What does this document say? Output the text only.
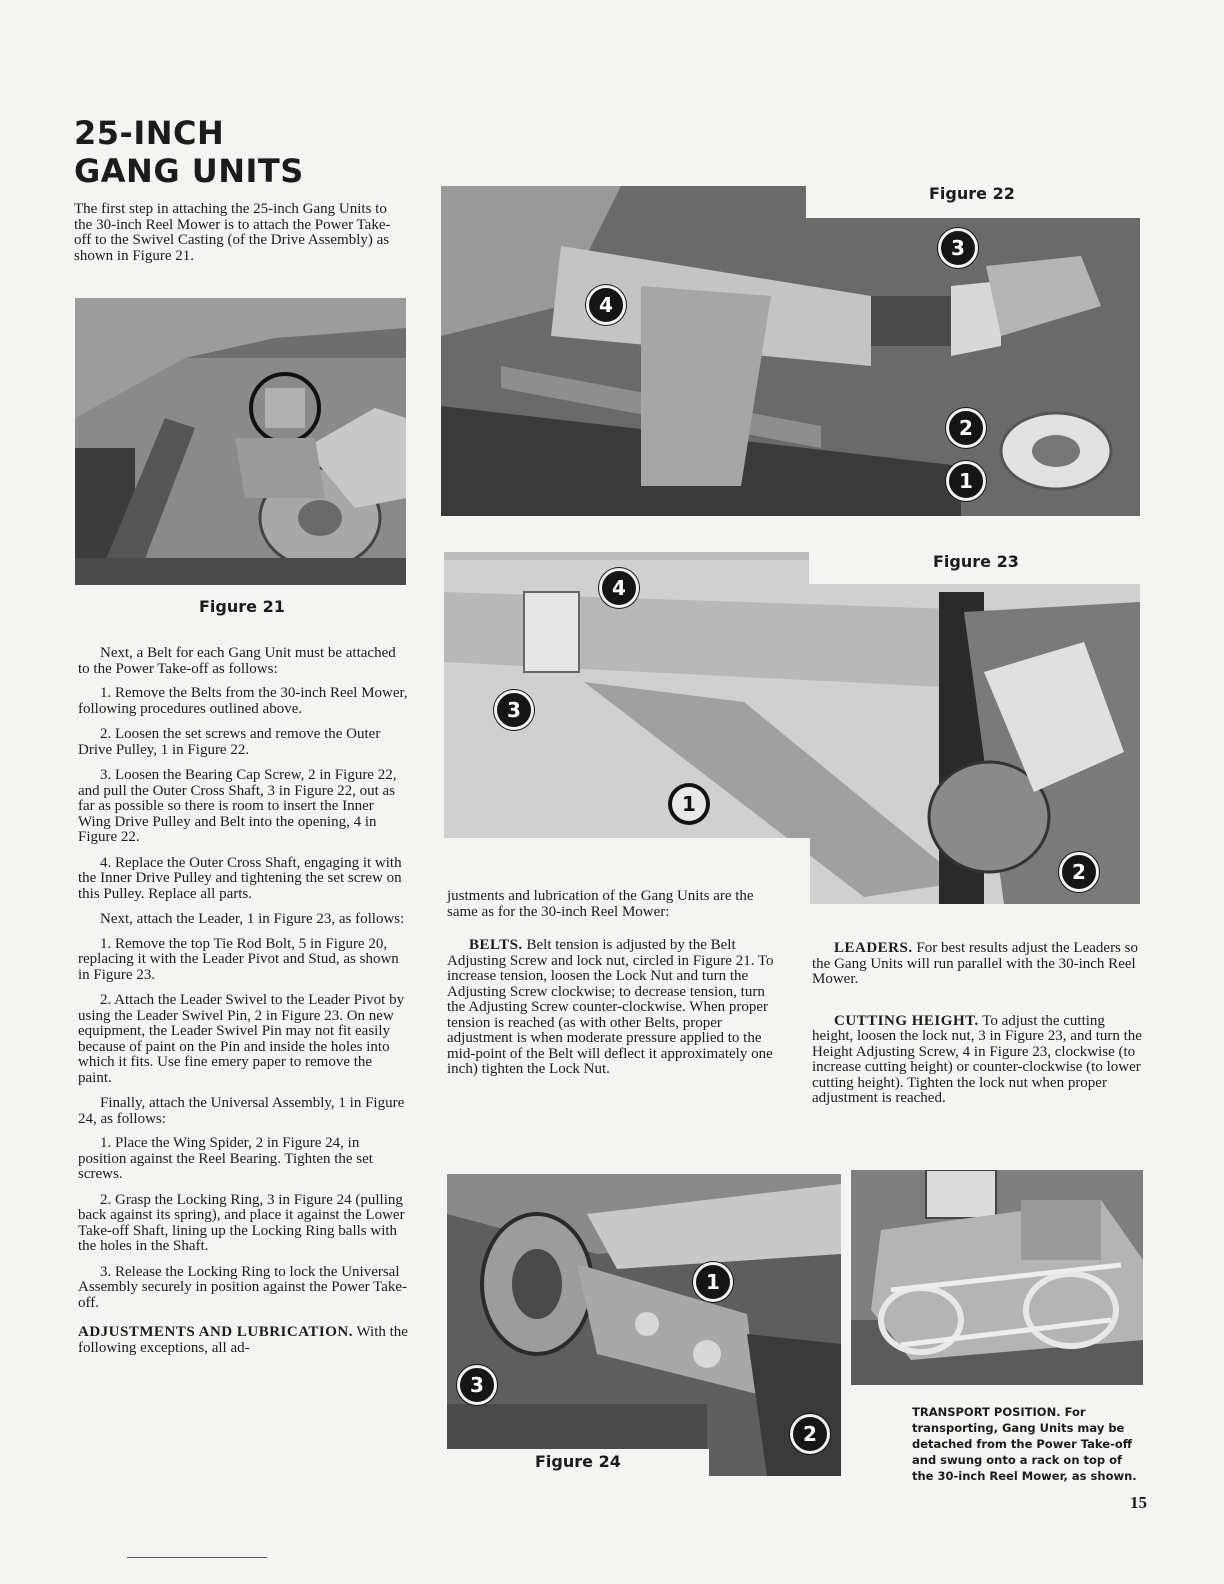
25-INCH
GANG UNITS

The first step in attaching the 25-inch Gang Units to the 30-inch Reel Mower is to attach the Power Take-off to the Swivel Casting (of the Drive Assembly) as shown in Figure 21.

Figure 21

Next, a Belt for each Gang Unit must be attached to the Power Take-off as follows:

1. Remove the Belts from the 30-inch Reel Mower, following procedures outlined above.

2. Loosen the set screws and remove the Outer Drive Pulley, 1 in Figure 22.

3. Loosen the Bearing Cap Screw, 2 in Figure 22, and pull the Outer Cross Shaft, 3 in Figure 22, out as far as possible so there is room to insert the Inner Wing Drive Pulley and Belt into the opening, 4 in Figure 22.

4. Replace the Outer Cross Shaft, engaging it with the Inner Drive Pulley and tightening the set screw on this Pulley. Replace all parts.

Next, attach the Leader, 1 in Figure 23, as follows:

1. Remove the top Tie Rod Bolt, 5 in Figure 20, replacing it with the Leader Pivot and Stud, as shown in Figure 23.

2. Attach the Leader Swivel to the Leader Pivot by using the Leader Swivel Pin, 2 in Figure 23. On new equipment, the Leader Swivel Pin may not fit easily because of paint on the Pin and inside the holes into which it fits. Use fine emery paper to remove the paint.

Finally, attach the Universal Assembly, 1 in Figure 24, as follows:

1. Place the Wing Spider, 2 in Figure 24, in position against the Reel Bearing. Tighten the set screws.

2. Grasp the Locking Ring, 3 in Figure 24 (pulling back against its spring), and place it against the Lower Take-off Shaft, lining up the Locking Ring balls with the holes in the Shaft.

3. Release the Locking Ring to lock the Universal Assembly securely in position against the Power Take-off.

ADJUSTMENTS AND LUBRICATION. With the following exceptions, all ad-

4
3
2
1
Figure 22
4
3
1
2
Figure 23

justments and lubrication of the Gang Units are the same as for the 30-inch Reel Mower:

BELTS. Belt tension is adjusted by the Belt Adjusting Screw and lock nut, circled in Figure 21. To increase tension, loosen the Lock Nut and turn the Adjusting Screw clockwise; to decrease tension, turn the Adjusting Screw counter-clockwise. When proper tension is reached (as with other Belts, proper adjustment is when moderate pressure applied to the mid-point of the Belt will deflect it approximately one inch) tighten the Lock Nut.

LEADERS. For best results adjust the Leaders so the Gang Units will run parallel with the 30-inch Reel Mower.

CUTTING HEIGHT. To adjust the cutting height, loosen the lock nut, 3 in Figure 23, and turn the Height Adjusting Screw, 4 in Figure 23, clockwise (to increase cutting height) or counter-clockwise (to lower cutting height). Tighten the lock nut when proper adjustment is reached.

1
3
2
Figure 24
TRANSPORT POSITION. For transporting, Gang Units may be detached from the Power Take-off and swung onto a rack on top of the 30-inch Reel Mower, as shown.
15
